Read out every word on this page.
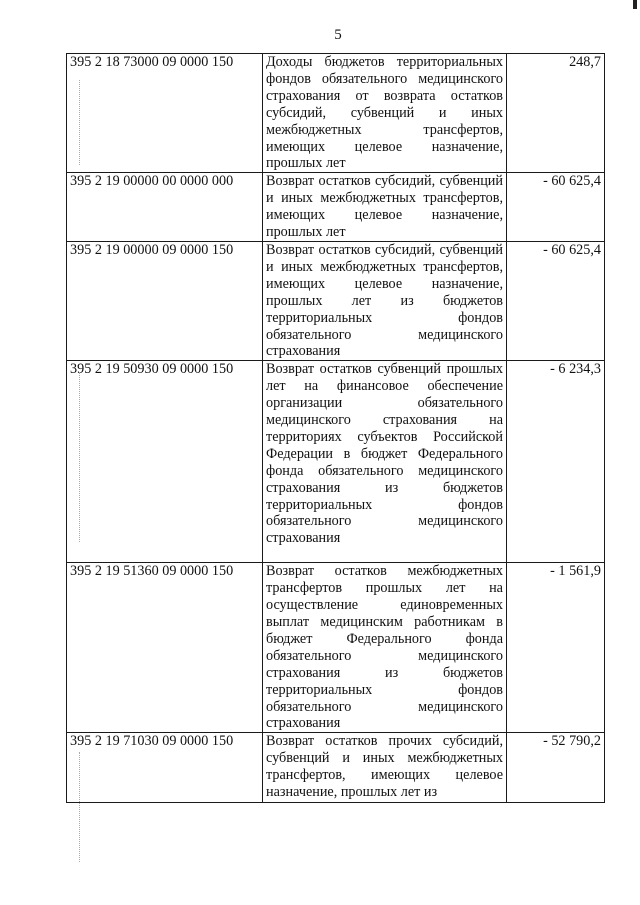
5
395 2 18 73000 09 0000 150	Доходы бюджетов территориальных фондов обязательного медицинского страхования от возврата остатков субсидий, субвенций и иных межбюджетных трансфертов, имеющих целевое назначение, прошлых лет	248,7
395 2 19 00000 00 0000 000	Возврат остатков субсидий, субвенций и иных межбюджетных трансфертов, имеющих целевое назначение, прошлых лет	- 60 625,4
395 2 19 00000 09 0000 150	Возврат остатков субсидий, субвенций и иных межбюджетных трансфертов, имеющих целевое назначение, прошлых лет из бюджетов территориальных фондов обязательного медицинского страхования	- 60 625,4
395 2 19 50930 09 0000 150	Возврат остатков субвенций прошлых лет на финансовое обеспечение организации обязательного медицинского страхования на территориях субъектов Российской Федерации в бюджет Федерального фонда обязательного медицинского страхования из бюджетов территориальных фондов обязательного медицинского страхования	- 6 234,3
395 2 19 51360 09 0000 150	Возврат остатков межбюджетных трансфертов прошлых лет на осуществление единовременных выплат медицинским работникам в бюджет Федерального фонда обязательного медицинского страхования из бюджетов территориальных фондов обязательного медицинского страхования	- 1 561,9
395 2 19 71030 09 0000 150	Возврат остатков прочих субсидий, субвенций и иных межбюджетных трансфертов, имеющих целевое назначение, прошлых лет из	- 52 790,2
